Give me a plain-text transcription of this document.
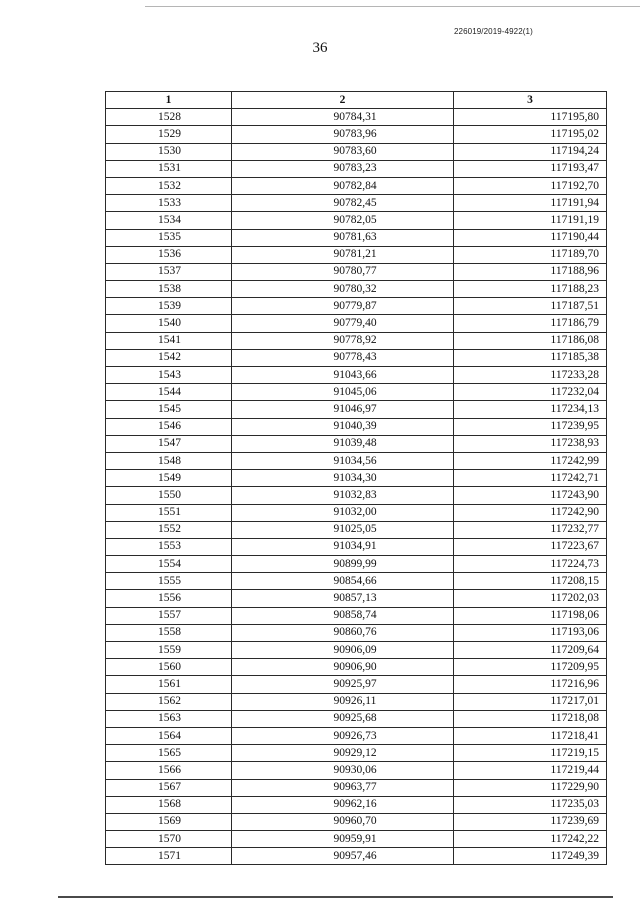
226019/2019-4922(1)
36
1	2	3
1528	90784,31	117195,80
1529	90783,96	117195,02
1530	90783,60	117194,24
1531	90783,23	117193,47
1532	90782,84	117192,70
1533	90782,45	117191,94
1534	90782,05	117191,19
1535	90781,63	117190,44
1536	90781,21	117189,70
1537	90780,77	117188,96
1538	90780,32	117188,23
1539	90779,87	117187,51
1540	90779,40	117186,79
1541	90778,92	117186,08
1542	90778,43	117185,38
1543	91043,66	117233,28
1544	91045,06	117232,04
1545	91046,97	117234,13
1546	91040,39	117239,95
1547	91039,48	117238,93
1548	91034,56	117242,99
1549	91034,30	117242,71
1550	91032,83	117243,90
1551	91032,00	117242,90
1552	91025,05	117232,77
1553	91034,91	117223,67
1554	90899,99	117224,73
1555	90854,66	117208,15
1556	90857,13	117202,03
1557	90858,74	117198,06
1558	90860,76	117193,06
1559	90906,09	117209,64
1560	90906,90	117209,95
1561	90925,97	117216,96
1562	90926,11	117217,01
1563	90925,68	117218,08
1564	90926,73	117218,41
1565	90929,12	117219,15
1566	90930,06	117219,44
1567	90963,77	117229,90
1568	90962,16	117235,03
1569	90960,70	117239,69
1570	90959,91	117242,22
1571	90957,46	117249,39
